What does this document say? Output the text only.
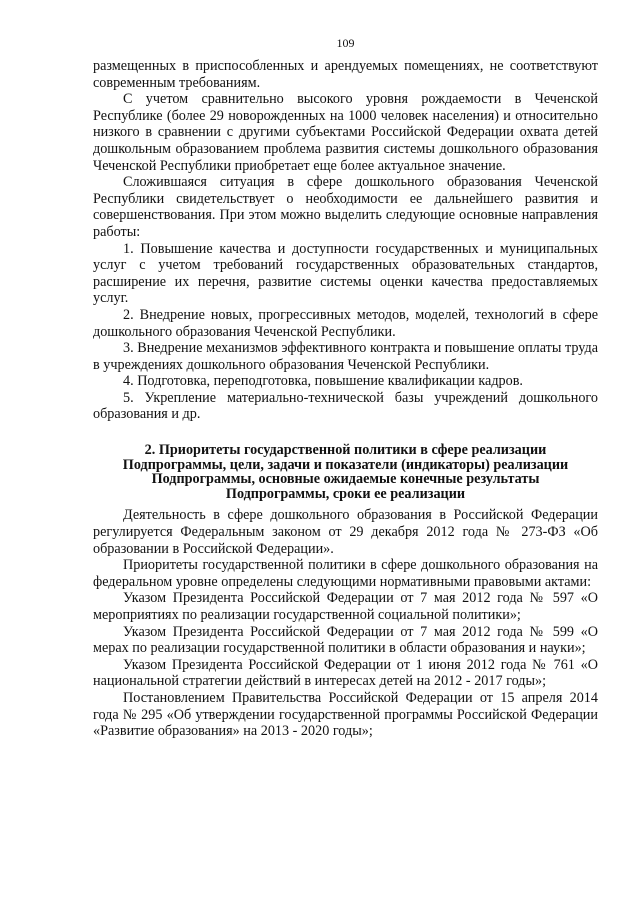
109

размещенных в приспособленных и арендуемых помещениях, не соответствуют современным требованиям.

С учетом сравнительно высокого уровня рождаемости в Чеченской Республике (более 29 новорожденных на 1000 человек населения) и относительно низкого в сравнении с другими субъектами Российской Федерации охвата детей дошкольным образованием проблема развития системы дошкольного образования Чеченской Республики приобретает еще более актуальное значение.

Сложившаяся ситуация в сфере дошкольного образования Чеченской Республики свидетельствует о необходимости ее дальнейшего развития и совершенствования. При этом можно выделить следующие основные направления работы:

1. Повышение качества и доступности государственных и муниципальных услуг с учетом требований государственных образовательных стандартов, расширение их перечня, развитие системы оценки качества предоставляемых услуг.

2. Внедрение новых, прогрессивных методов, моделей, технологий в сфере дошкольного образования Чеченской Республики.

3. Внедрение механизмов эффективного контракта и повышение оплаты труда в учреждениях дошкольного образования Чеченской Республики.

4. Подготовка, переподготовка, повышение квалификации кадров.

5. Укрепление материально-технической базы учреждений дошкольного образования и др.

2. Приоритеты государственной политики в сфере реализации
Подпрограммы, цели, задачи и показатели (индикаторы) реализации
Подпрограммы, основные ожидаемые конечные результаты
Подпрограммы, сроки ее реализации

Деятельность в сфере дошкольного образования в Российской Федерации регулируется Федеральным законом от 29 декабря 2012 года № 273-ФЗ «Об образовании в Российской Федерации».

Приоритеты государственной политики в сфере дошкольного образования на федеральном уровне определены следующими нормативными правовыми актами:

Указом Президента Российской Федерации от 7 мая 2012 года № 597 «О мероприятиях по реализации государственной социальной политики»;

Указом Президента Российской Федерации от 7 мая 2012 года № 599 «О мерах по реализации государственной политики в области образования и науки»;

Указом Президента Российской Федерации от 1 июня 2012 года № 761 «О национальной стратегии действий в интересах детей на 2012 - 2017 годы»;

Постановлением Правительства Российской Федерации от 15 апреля 2014 года № 295 «Об утверждении государственной программы Российской Федерации «Развитие образования» на 2013 - 2020 годы»;
